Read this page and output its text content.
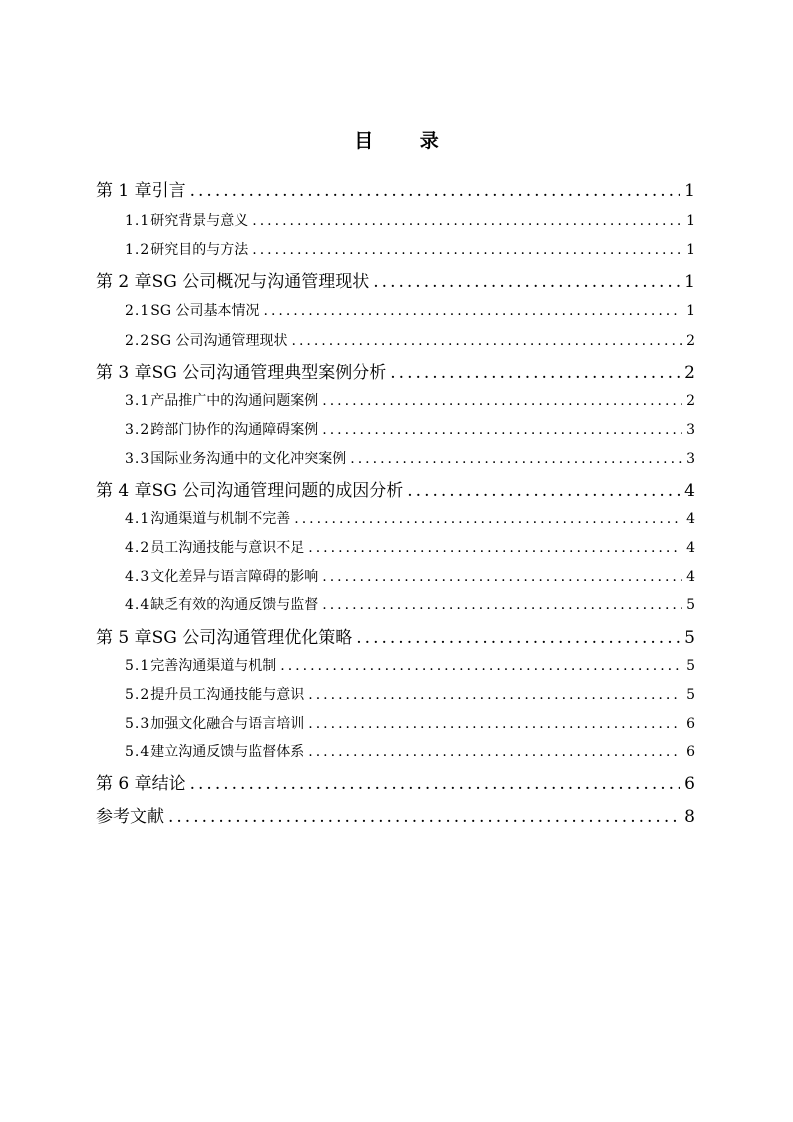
目 录
第 1 章 引言 .....	1
1.1 研究背景与意义 .....	1
1.2 研究目的与方法 .....	1
第 2 章 SG 公司概况与沟通管理现状 .....	1
2.1 SG 公司基本情况 .....	1
2.2 SG 公司沟通管理现状 .....	2
第 3 章 SG 公司沟通管理典型案例分析 .....	2
3.1 产品推广中的沟通问题案例 .....	2
3.2 跨部门协作的沟通障碍案例 .....	3
3.3 国际业务沟通中的文化冲突案例 .....	3
第 4 章 SG 公司沟通管理问题的成因分析 .....	4
4.1 沟通渠道与机制不完善 .....	4
4.2 员工沟通技能与意识不足 .....	4
4.3 文化差异与语言障碍的影响 .....	4
4.4 缺乏有效的沟通反馈与监督 .....	5
第 5 章 SG 公司沟通管理优化策略 .....	5
5.1 完善沟通渠道与机制 .....	5
5.2 提升员工沟通技能与意识 .....	5
5.3 加强文化融合与语言培训 .....	6
5.4 建立沟通反馈与监督体系 .....	6
第 6 章 结论 .....	6
参考文献 .....	8
